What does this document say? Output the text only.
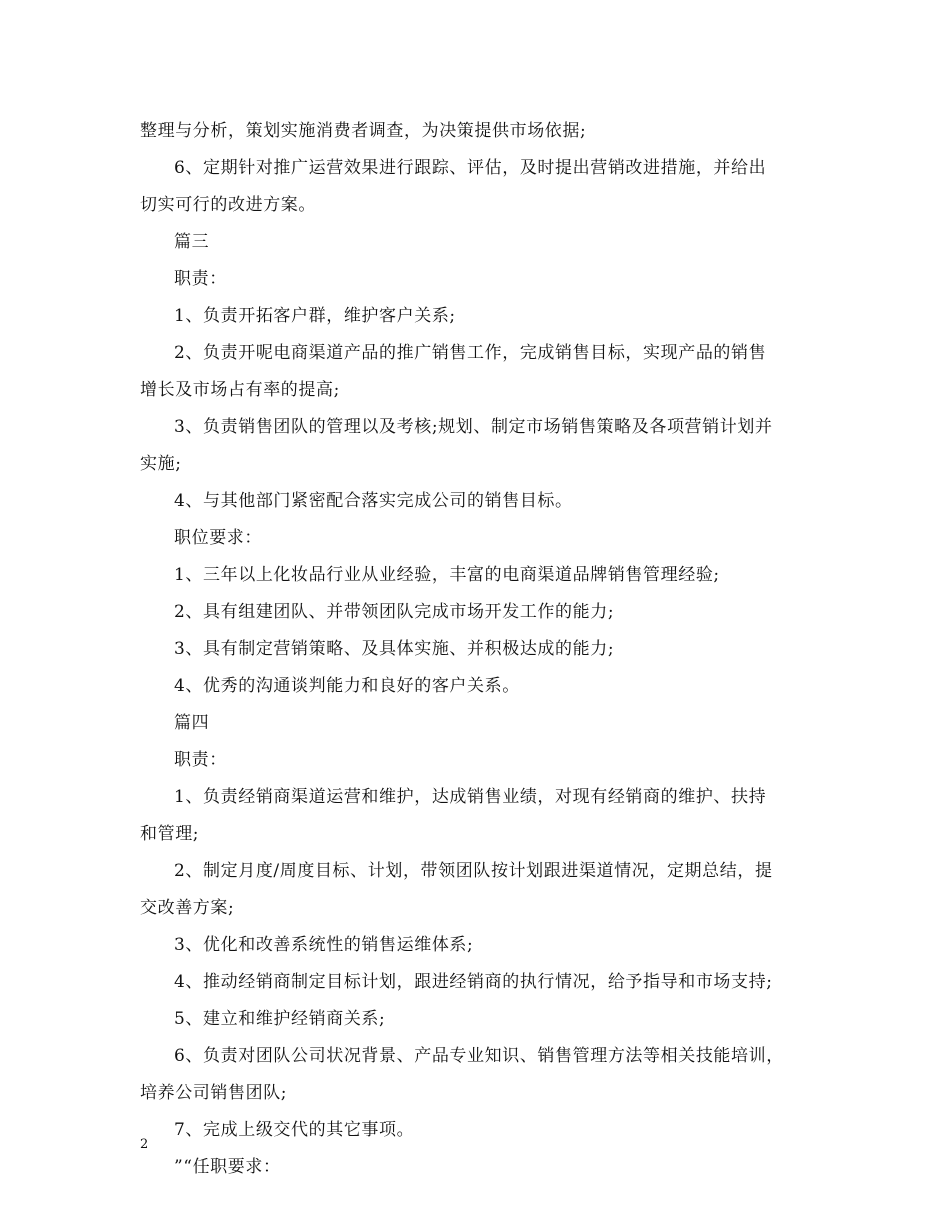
整理与分析，策划实施消费者调查，为决策提供市场依据;
6、定期针对推广运营效果进行跟踪、评估，及时提出营销改进措施，并给出
切实可行的改进方案。
篇三
职责：
1、负责开拓客户群，维护客户关系;
2、负责开呢电商渠道产品的推广销售工作，完成销售目标，实现产品的销售
增长及市场占有率的提高;
3、负责销售团队的管理以及考核;规划、制定市场销售策略及各项营销计划并
实施;
4、与其他部门紧密配合落实完成公司的销售目标。
职位要求：
1、三年以上化妆品行业从业经验，丰富的电商渠道品牌销售管理经验;
2、具有组建团队、并带领团队完成市场开发工作的能力;
3、具有制定营销策略、及具体实施、并积极达成的能力;
4、优秀的沟通谈判能力和良好的客户关系。
篇四
职责：
1、负责经销商渠道运营和维护，达成销售业绩，对现有经销商的维护、扶持
和管理;
2、制定月度/周度目标、计划，带领团队按计划跟进渠道情况，定期总结，提
交改善方案;
3、优化和改善系统性的销售运维体系;
4、推动经销商制定目标计划，跟进经销商的执行情况，给予指导和市场支持;
5、建立和维护经销商关系;
6、负责对团队公司状况背景、产品专业知识、销售管理方法等相关技能培训，
培养公司销售团队;
7、完成上级交代的其它事项。
”“任职要求：
2
